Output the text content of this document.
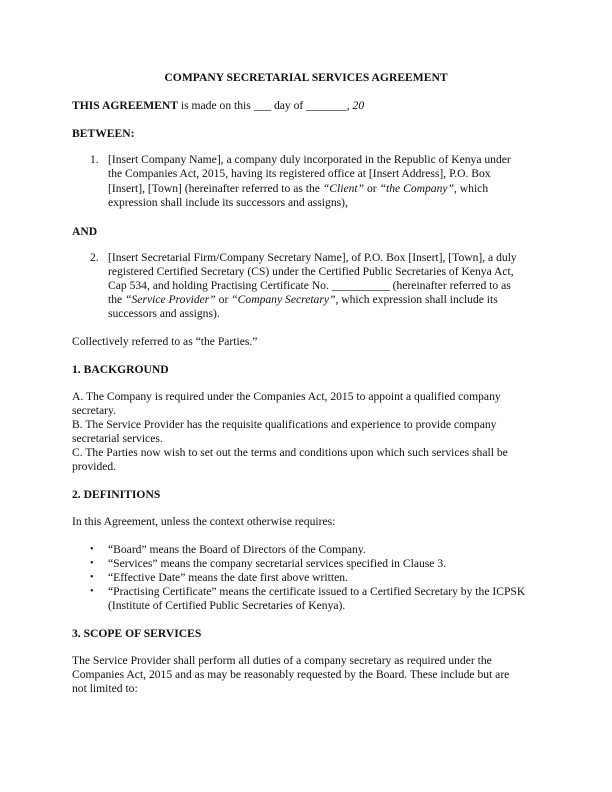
COMPANY SECRETARIAL SERVICES AGREEMENT
THIS AGREEMENT is made on this ___ day of _______, 20
BETWEEN:
1. [Insert Company Name], a company duly incorporated in the Republic of Kenya under
the Companies Act, 2015, having its registered office at [Insert Address], P.O. Box
[Insert], [Town] (hereinafter referred to as the “Client” or “the Company”, which
expression shall include its successors and assigns),
AND
2. [Insert Secretarial Firm/Company Secretary Name], of P.O. Box [Insert], [Town], a duly
registered Certified Secretary (CS) under the Certified Public Secretaries of Kenya Act,
Cap 534, and holding Practising Certificate No. __________ (hereinafter referred to as
the “Service Provider” or “Company Secretary”, which expression shall include its
successors and assigns).
Collectively referred to as “the Parties.”
1. BACKGROUND
A. The Company is required under the Companies Act, 2015 to appoint a qualified company
secretary.
B. The Service Provider has the requisite qualifications and experience to provide company
secretarial services.
C. The Parties now wish to set out the terms and conditions upon which such services shall be
provided.
2. DEFINITIONS
In this Agreement, unless the context otherwise requires:
• “Board” means the Board of Directors of the Company.
• “Services” means the company secretarial services specified in Clause 3.
• “Effective Date” means the date first above written.
• “Practising Certificate” means the certificate issued to a Certified Secretary by the ICPSK
(Institute of Certified Public Secretaries of Kenya).
3. SCOPE OF SERVICES
The Service Provider shall perform all duties of a company secretary as required under the
Companies Act, 2015 and as may be reasonably requested by the Board. These include but are
not limited to:
